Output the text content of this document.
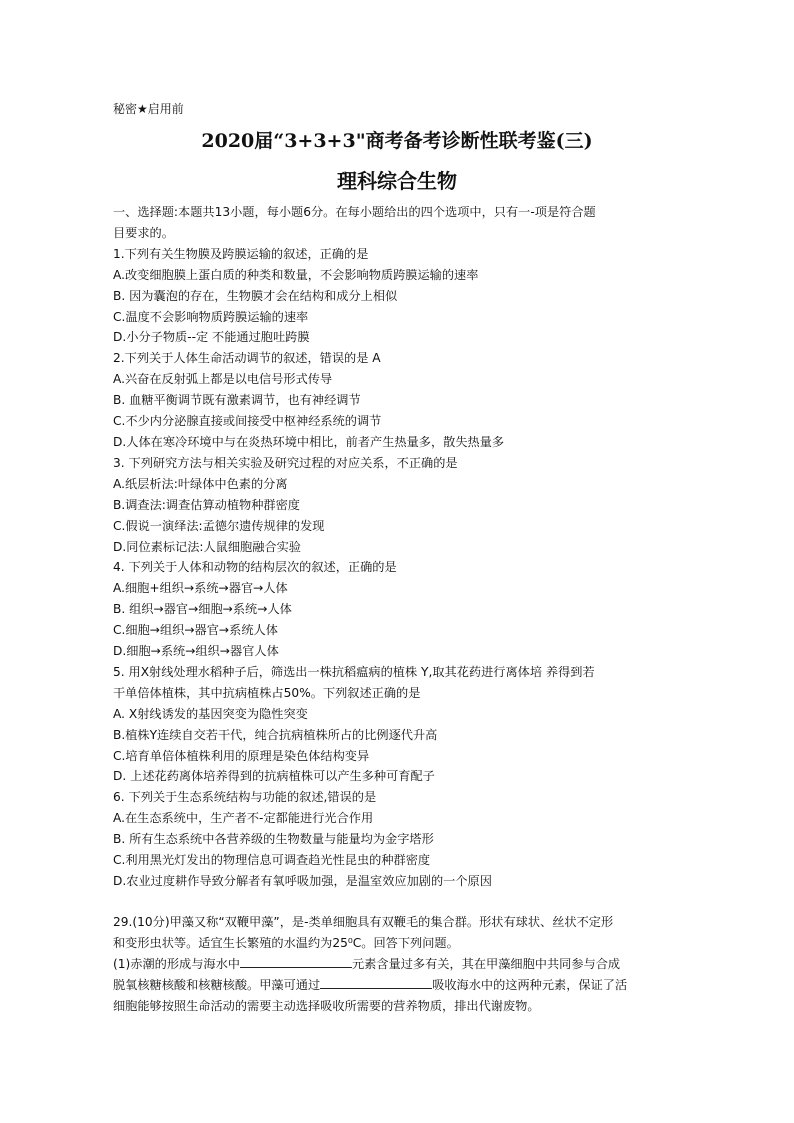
秘密★启用前
2020届“3+3+3"商考备考诊断性联考鉴(三)
理科综合生物
一、选择题:本题共13小题，每小题6分。在每小题给出的四个选项中，只有一-项是符合题
目要求的。
1.下列有关生物膜及跨膜运输的叙述，正确的是
A.改变细胞膜上蛋白质的种类和数量，不会影响物质跨膜运输的速率
B. 因为囊泡的存在，生物膜才会在结构和成分上相似
C.温度不会影响物质跨膜运输的速率
D.小分子物质--定 不能通过胞吐跨膜
2.下列关于人体生命活动调节的叙述，错误的是 A
A.兴奋在反射弧上都是以电信号形式传导
B. 血糖平衡调节既有激素调节，也有神经调节
C.不少内分泌腺直接或间接受中枢神经系统的调节
D.人体在寒冷环境中与在炎热环境中相比，前者产生热量多，散失热量多
3. 下列研究方法与相关实验及研究过程的对应关系，不正确的是
A.纸层析法:叶绿体中色素的分离
B.调查法:调查估算动植物种群密度
C.假说一演绎法:孟德尔遗传规律的发现
D.同位素标记法:人鼠细胞融合实验
4. 下列关于人体和动物的结构层次的叙述，正确的是
A.细胞+组织→系统→器官→人体
B. 组织→器官→细胞→系统→人体
C.细胞→组织→器官→系统人体
D.细胞→系统→组织→器官人体
5. 用X射线处理水稻种子后，筛选出一株抗稻瘟病的植株 Y,取其花药进行离体培 养得到若
干单倍体植株，其中抗病植株占50%。下列叙述正确的是
A. X射线诱发的基因突变为隐性突变
B.植株Y连续自交若干代，纯合抗病植株所占的比例逐代升高
C.培育单倍体植株利用的原理是染色体结构变异
D. 上述花药离体培养得到的抗病植株可以产生多种可育配子
6. 下列关于生态系统结构与功能的叙述,错误的是
A.在生态系统中，生产者不-定都能进行光合作用
B. 所有生态系统中各营养级的生物数量与能量均为金字塔形
C.利用黑光灯发出的物理信息可调查趋光性昆虫的种群密度
D.农业过度耕作导致分解者有氧呼吸加强，是温室效应加剧的一个原因
29.(10分)甲藻又称“双鞭甲藻”，是-类单细胞具有双鞭毛的集合群。形状有球状、丝状不定形
和变形虫状等。适宜生长繁殖的水温约为25⁰C。回答下列问题。
(1)赤潮的形成与海水中	元素含量过多有关，其在甲藻细胞中共同参与合成
脱氧核糖核酸和核糖核酸。甲藻可通过	吸收海水中的这两种元素，保证了活
细胞能够按照生命活动的需要主动选择吸收所需要的营养物质，排出代谢废物。
